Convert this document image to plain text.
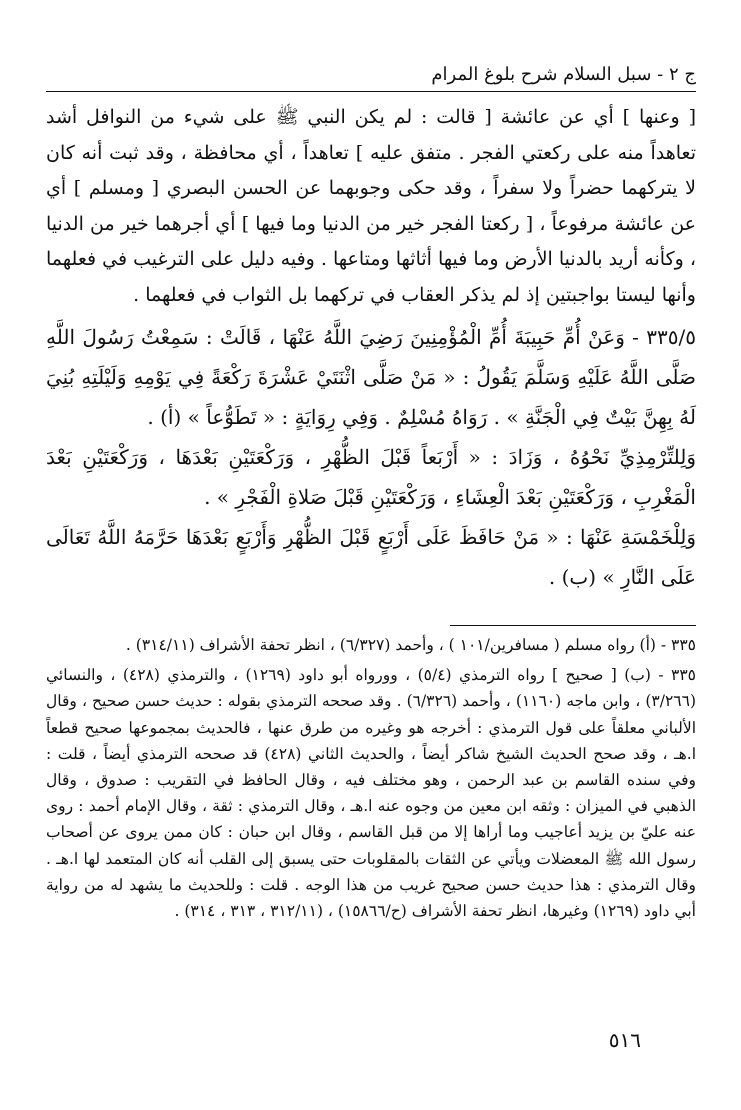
ج ٢ - سبل السلام شرح بلوغ المرام

[ وعنها ] أي عن عائشة [ قالت : لم يكن النبي ﷺ على شيء من النوافل أشد تعاهداً منه على ركعتي الفجر . متفق عليه ] تعاهداً ، أي محافظة ، وقد ثبت أنه كان لا يتركهما حضراً ولا سفراً ، وقد حكى وجوبهما عن الحسن البصري [ ومسلم ] أي عن عائشة مرفوعاً ، [ ركعتا الفجر خير من الدنيا وما فيها ] أي أجرهما خير من الدنيا ، وكأنه أريد بالدنيا الأرض وما فيها أثاثها ومتاعها . وفيه دليل على الترغيب في فعلهما وأنها ليستا بواجبتين إذ لم يذكر العقاب في تركهما بل الثواب في فعلهما .

٣٣٥/٥ - وَعَنْ أُمِّ حَبِيبَةَ أُمِّ الْمُؤْمِنِينَ رَضِيَ اللَّهُ عَنْهَا ، قَالَتْ : سَمِعْتُ رَسُولَ اللَّهِ صَلَّى اللَّهُ عَلَيْهِ وَسَلَّمَ يَقُولُ : « مَنْ صَلَّى اثْنَتَيْ عَشْرَةَ رَكْعَةً فِي يَوْمِهِ وَلَيْلَتِهِ بُنِيَ لَهُ بِهِنَّ بَيْتٌ فِي الْجَنَّةِ » . رَوَاهُ مُسْلِمٌ . وَفِي رِوَايَةٍ : « تَطَوُّعاً » (أ) .

وَلِلتِّرْمِذِيِّ نَحْوُهُ ، وَزَادَ : « أَرْبَعاً قَبْلَ الظُّهْرِ ، وَرَكْعَتَيْنِ بَعْدَهَا ، وَرَكْعَتَيْنِ بَعْدَ الْمَغْرِبِ ، وَرَكْعَتَيْنِ بَعْدَ الْعِشَاءِ ، وَرَكْعَتَيْنِ قَبْلَ صَلاةِ الْفَجْرِ » .

وَلِلْخَمْسَةِ عَنْهَا : « مَنْ حَافَظَ عَلَى أَرْبَعٍ قَبْلَ الظُّهْرِ وَأَرْبَعٍ بَعْدَهَا حَرَّمَهُ اللَّهُ تَعَالَى عَلَى النَّارِ » (ب) .

٣٣٥ - (أ) رواه مسلم ( مسافرين/١٠١ ) ، وأحمد (٦/٣٢٧) ، انظر تحفة الأشراف (٣١٤/١١) .

٣٣٥ - (ب) [ صحيح ] رواه الترمذي (٥/٤) ، وورواه أبو داود (١٢٦٩) ، والترمذي (٤٢٨) ، والنسائي (٣/٢٦٦) ، وابن ماجه (١١٦٠) ، وأحمد (٦/٣٢٦) . وقد صححه الترمذي بقوله : حديث حسن صحيح ، وقال الألباني معلقاً على قول الترمذي : أخرجه هو وغيره من طرق عنها ، فالحديث بمجموعها صحيح قطعاً ا.هـ ، وقد صحح الحديث الشيخ شاكر أيضاً ، والحديث الثاني (٤٢٨) قد صححه الترمذي أيضاً ، قلت : وفي سنده القاسم بن عبد الرحمن ، وهو مختلف فيه ، وقال الحافظ في التقريب : صدوق ، وقال الذهبي في الميزان : وثقه ابن معين من وجوه عنه ا.هـ ، وقال الترمذي : ثقة ، وقال الإمام أحمد : روى عنه عليّ بن يزيد أعاجيب وما أراها إلا من قبل القاسم ، وقال ابن حبان : كان ممن يروى عن أصحاب رسول الله ﷺ المعضلات ويأتي عن الثقات بالمقلوبات حتى يسبق إلى القلب أنه كان المتعمد لها ا.هـ . وقال الترمذي : هذا حديث حسن صحيح غريب من هذا الوجه . قلت : وللحديث ما يشهد له من رواية أبي داود (١٢٦٩) وغيرها، انظر تحفة الأشراف (ح/١٥٨٦٦) ، (٣١٢/١١ ، ٣١٣ ، ٣١٤) .

٥١٦
